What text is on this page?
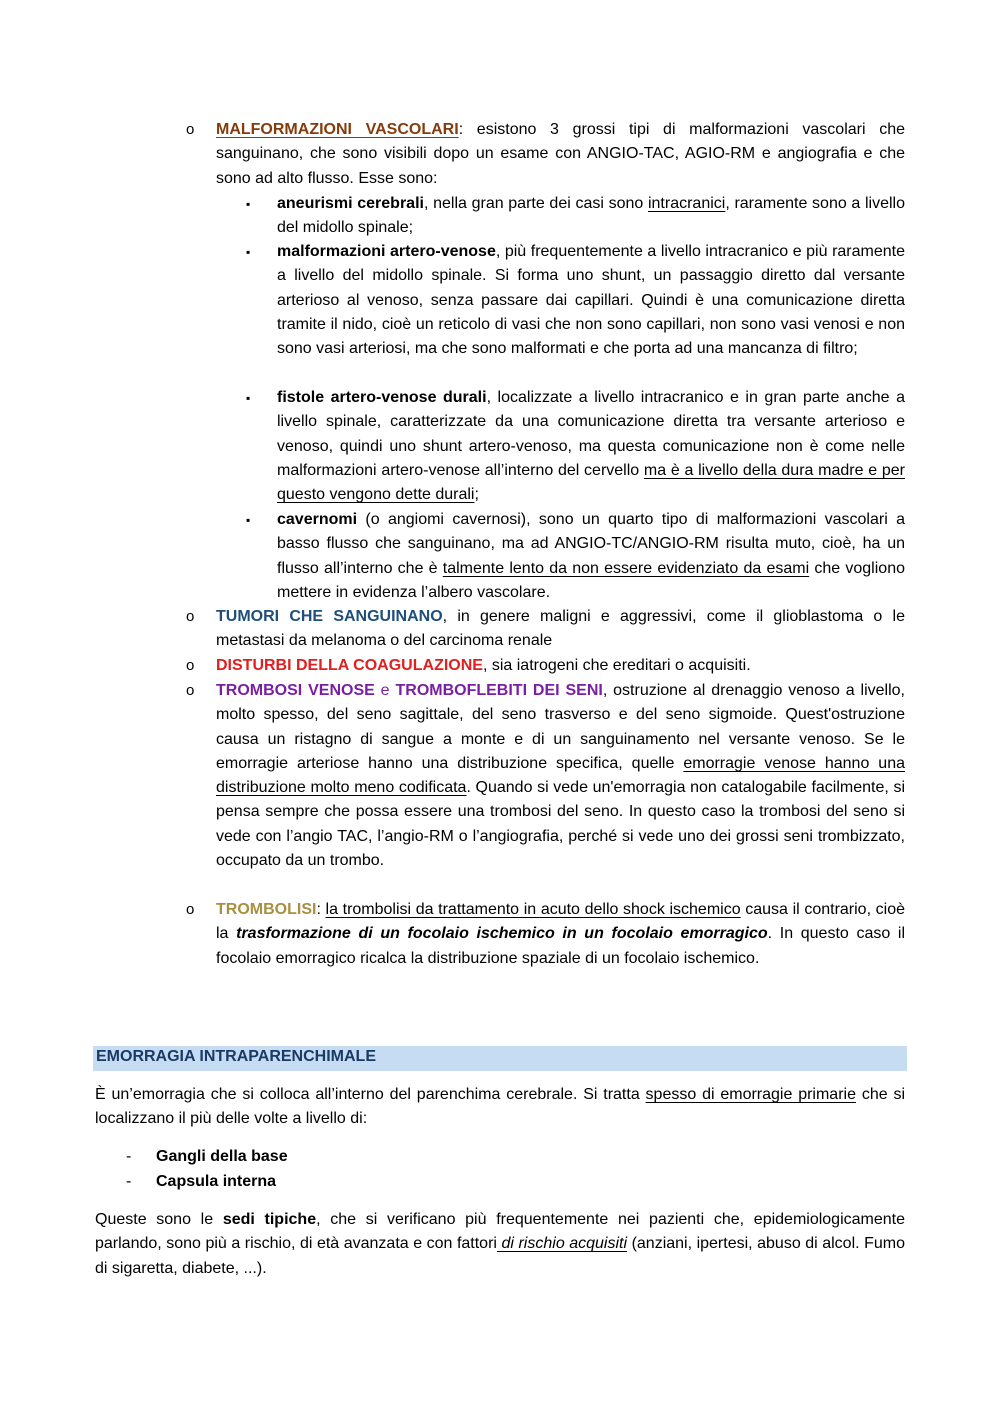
o MALFORMAZIONI VASCOLARI: esistono 3 grossi tipi di malformazioni vascolari che sanguinano, che sono visibili dopo un esame con ANGIO-TAC, AGIO-RM e angiografia e che sono ad alto flusso. Esse sono:

▪ aneurismi cerebrali, nella gran parte dei casi sono intracranici, raramente sono a livello del midollo spinale;

▪ malformazioni artero-venose, più frequentemente a livello intracranico e più raramente a livello del midollo spinale. Si forma uno shunt, un passaggio diretto dal versante arterioso al venoso, senza passare dai capillari. Quindi è una comunicazione diretta tramite il nido, cioè un reticolo di vasi che non sono capillari, non sono vasi venosi e non sono vasi arteriosi, ma che sono malformati e che porta ad una mancanza di filtro;

▪ fistole artero-venose durali, localizzate a livello intracranico e in gran parte anche a livello spinale, caratterizzate da una comunicazione diretta tra versante arterioso e venoso, quindi uno shunt artero-venoso, ma questa comunicazione non è come nelle malformazioni artero-venose all’interno del cervello ma è a livello della dura madre e per questo vengono dette durali;

▪ cavernomi (o angiomi cavernosi), sono un quarto tipo di malformazioni vascolari a basso flusso che sanguinano, ma ad ANGIO-TC/ANGIO-RM risulta muto, cioè, ha un flusso all’interno che è talmente lento da non essere evidenziato da esami che vogliono mettere in evidenza l’albero vascolare.

o TUMORI CHE SANGUINANO, in genere maligni e aggressivi, come il glioblastoma o le metastasi da melanoma o del carcinoma renale

o DISTURBI DELLA COAGULAZIONE, sia iatrogeni che ereditari o acquisiti.

o TROMBOSI VENOSE e TROMBOFLEBITI DEI SENI, ostruzione al drenaggio venoso a livello, molto spesso, del seno sagittale, del seno trasverso e del seno sigmoide. Quest'ostruzione causa un ristagno di sangue a monte e di un sanguinamento nel versante venoso. Se le emorragie arteriose hanno una distribuzione specifica, quelle emorragie venose hanno una distribuzione molto meno codificata. Quando si vede un'emorragia non catalogabile facilmente, si pensa sempre che possa essere una trombosi del seno. In questo caso la trombosi del seno si vede con l’angio TAC, l’angio-RM o l’angiografia, perché si vede uno dei grossi seni trombizzato, occupato da un trombo.

o TROMBOLISI: la trombolisi da trattamento in acuto dello shock ischemico causa il contrario, cioè la trasformazione di un focolaio ischemico in un focolaio emorragico. In questo caso il focolaio emorragico ricalca la distribuzione spaziale di un focolaio ischemico.

EMORRAGIA INTRAPARENCHIMALE

È un’emorragia che si colloca all’interno del parenchima cerebrale. Si tratta spesso di emorragie primarie che si localizzano il più delle volte a livello di:

- Gangli della base
- Capsula interna

Queste sono le sedi tipiche, che si verificano più frequentemente nei pazienti che, epidemiologicamente parlando, sono più a rischio, di età avanzata e con fattori di rischio acquisiti (anziani, ipertesi, abuso di alcol. Fumo di sigaretta, diabete, ...).
